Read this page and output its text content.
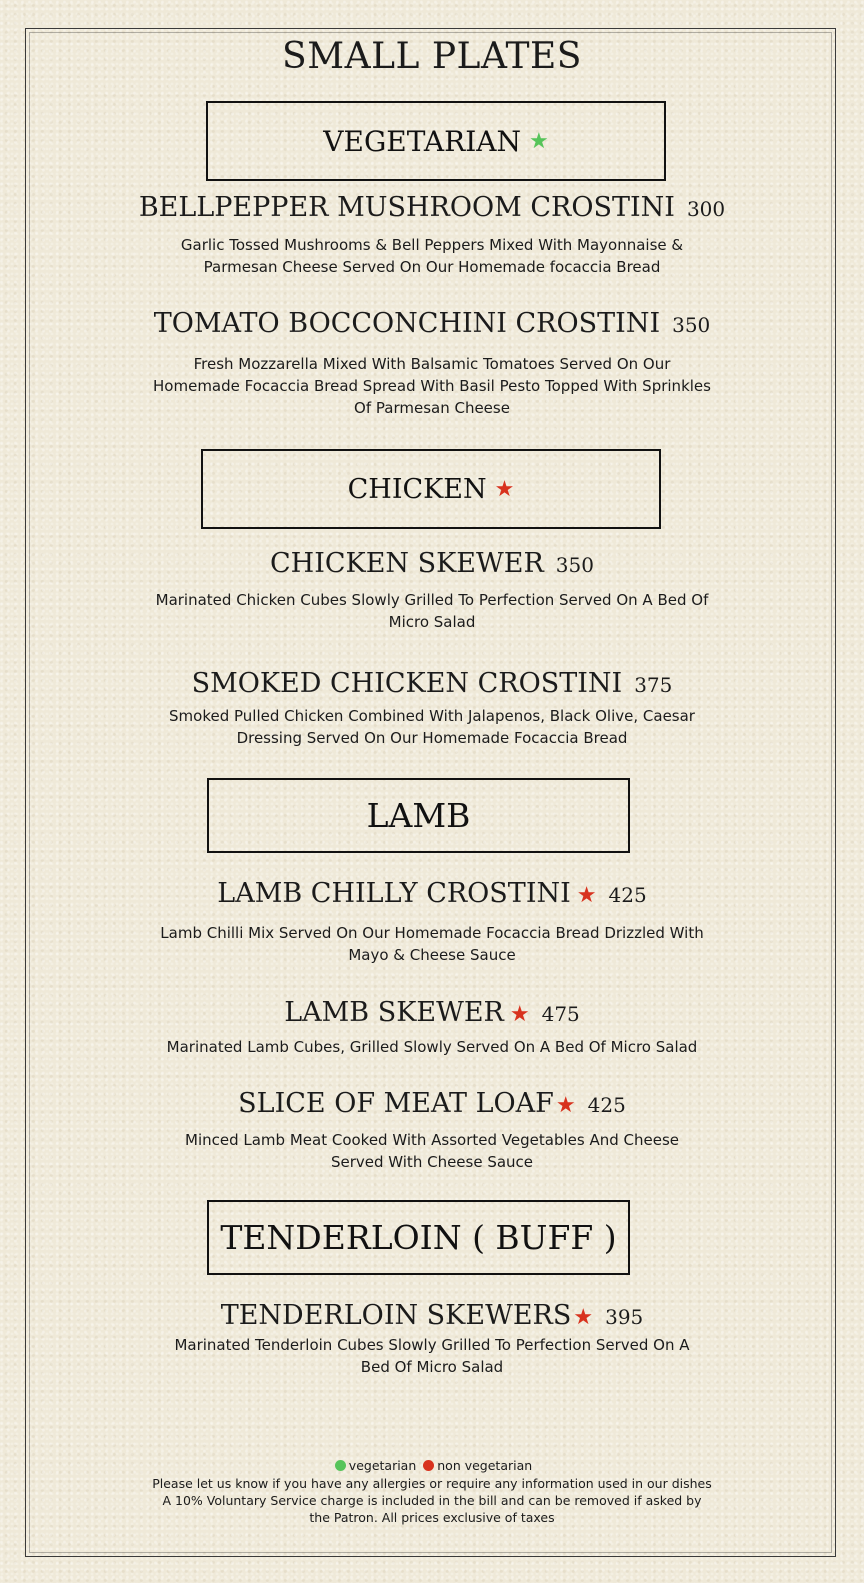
SMALL PLATES
VEGETARIAN ★
BELLPEPPER MUSHROOM CROSTINI 300
Garlic Tossed Mushrooms & Bell Peppers Mixed With Mayonnaise &
Parmesan Cheese Served On Our Homemade focaccia Bread
TOMATO BOCCONCHINI CROSTINI 350
Fresh Mozzarella Mixed With Balsamic Tomatoes Served On Our
Homemade Focaccia Bread Spread With Basil Pesto Topped With Sprinkles
Of Parmesan Cheese
CHICKEN ★
CHICKEN SKEWER 350
Marinated Chicken Cubes Slowly Grilled To Perfection Served On A Bed Of
Micro Salad
SMOKED CHICKEN CROSTINI 375
Smoked Pulled Chicken Combined With Jalapenos, Black Olive, Caesar
Dressing Served On Our Homemade Focaccia Bread
LAMB
LAMB CHILLY CROSTINI ★ 425
Lamb Chilli Mix Served On Our Homemade Focaccia Bread Drizzled With
Mayo & Cheese Sauce
LAMB SKEWER ★ 475
Marinated Lamb Cubes, Grilled Slowly Served On A Bed Of Micro Salad
SLICE OF MEAT LOAF★ 425
Minced Lamb Meat Cooked With Assorted Vegetables And Cheese
Served With Cheese Sauce
TENDERLOIN ( BUFF )
TENDERLOIN SKEWERS★ 395
Marinated Tenderloin Cubes Slowly Grilled To Perfection Served On A
Bed Of Micro Salad
vegetarian non vegetarian
Please let us know if you have any allergies or require any information used in our dishes
A 10% Voluntary Service charge is included in the bill and can be removed if asked by
the Patron. All prices exclusive of taxes
